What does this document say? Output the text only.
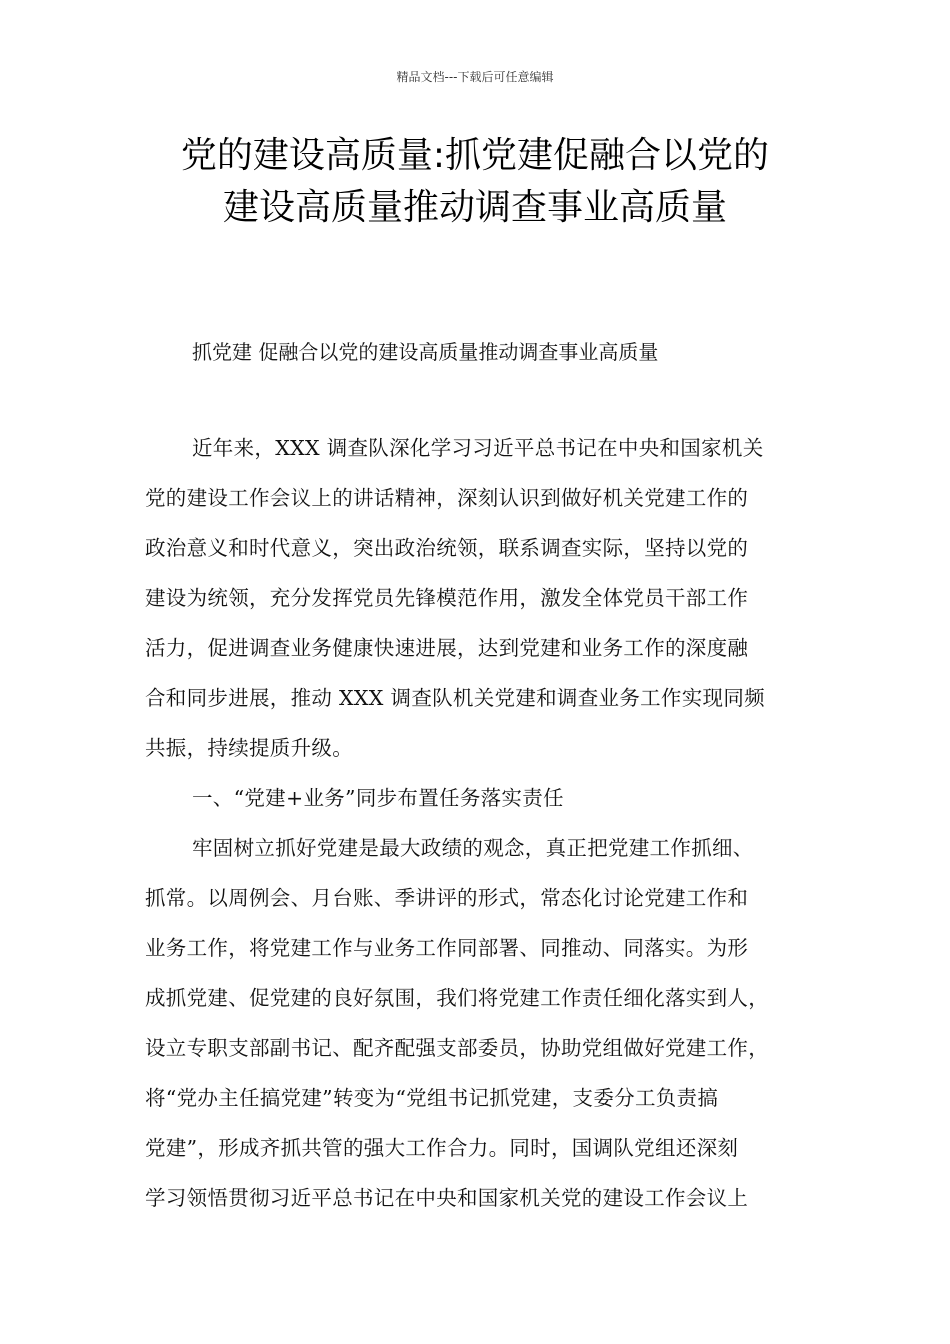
精品文档---下载后可任意编辑
党的建设高质量:抓党建促融合以党的
建设高质量推动调查事业高质量
抓党建 促融合以党的建设高质量推动调查事业高质量
近年来，XXX 调查队深化学习习近平总书记在中央和国家机关
党的建设工作会议上的讲话精神，深刻认识到做好机关党建工作的
政治意义和时代意义，突出政治统领，联系调查实际，坚持以党的
建设为统领，充分发挥党员先锋模范作用，激发全体党员干部工作
活力，促进调查业务健康快速进展，达到党建和业务工作的深度融
合和同步进展，推动 XXX 调查队机关党建和调查业务工作实现同频
共振，持续提质升级。
一、“党建+业务”同步布置任务落实责任
牢固树立抓好党建是最大政绩的观念，真正把党建工作抓细、
抓常。以周例会、月台账、季讲评的形式，常态化讨论党建工作和
业务工作，将党建工作与业务工作同部署、同推动、同落实。为形
成抓党建、促党建的良好氛围，我们将党建工作责任细化落实到人，
设立专职支部副书记、配齐配强支部委员，协助党组做好党建工作，
将“党办主任搞党建”转变为“党组书记抓党建，支委分工负责搞
党建”，形成齐抓共管的强大工作合力。同时，国调队党组还深刻
学习领悟贯彻习近平总书记在中央和国家机关党的建设工作会议上
